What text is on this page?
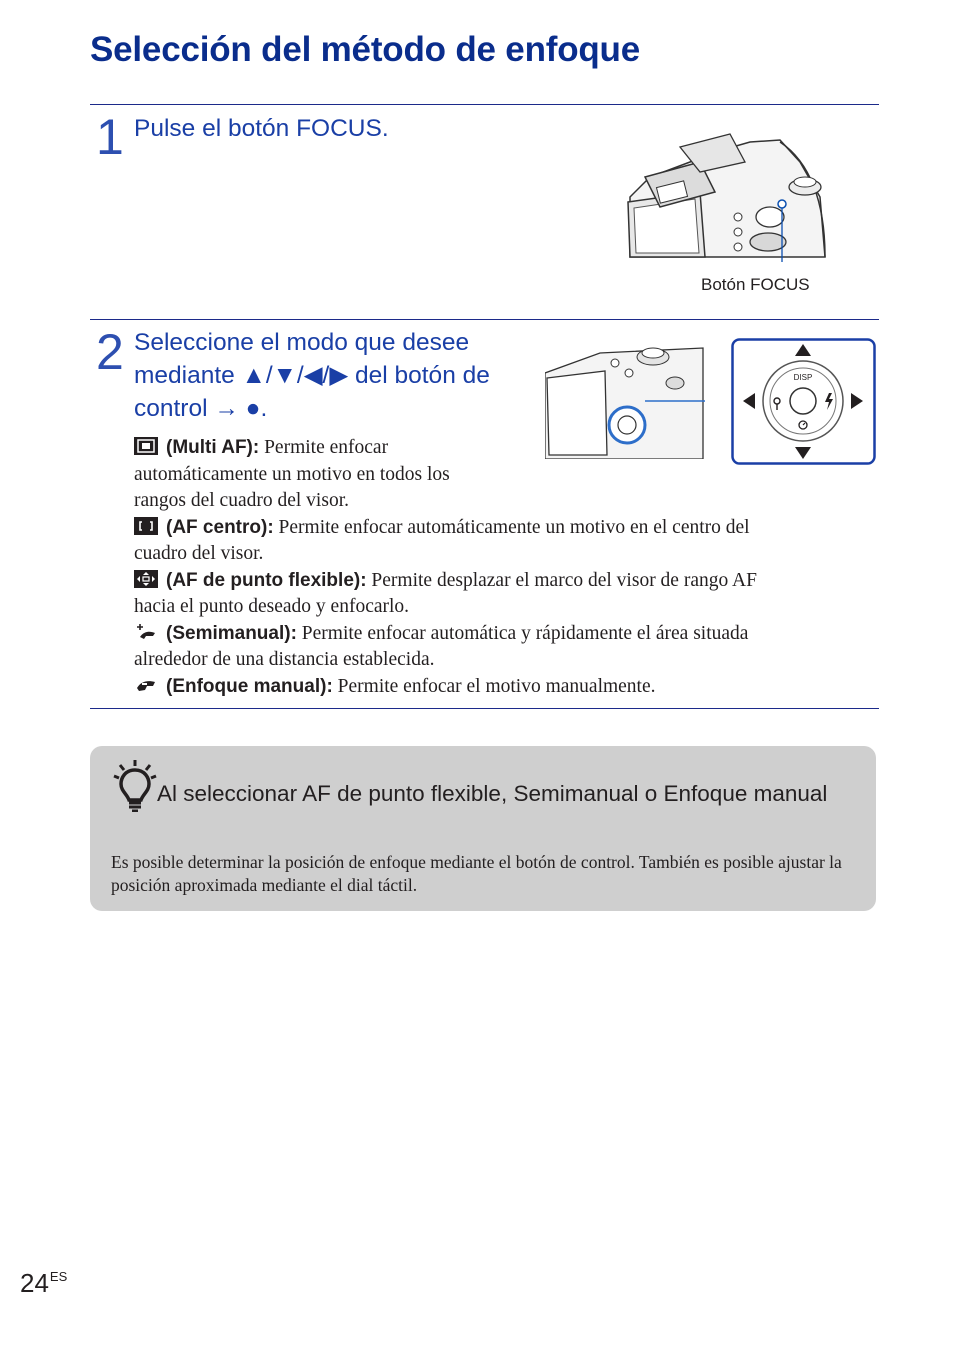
Selección del método de enfoque
1 Pulse el botón FOCUS.
Botón FOCUS
2 Seleccione el modo que desee
mediante ▲/▼/◀/▶ del botón de
control → ●.
DISP
(Multi AF): Permite enfocar
automáticamente un motivo en todos los
rangos del cuadro del visor.
(AF centro): Permite enfocar automáticamente un motivo en el centro del
cuadro del visor.
(AF de punto flexible): Permite desplazar el marco del visor de rango AF
hacia el punto deseado y enfocarlo.
(Semimanual): Permite enfocar automática y rápidamente el área situada
alrededor de una distancia establecida.
(Enfoque manual): Permite enfocar el motivo manualmente.
Al seleccionar AF de punto flexible, Semimanual o Enfoque manual
Es posible determinar la posición de enfoque mediante el botón de control. También es posible ajustar la posición aproximada mediante el dial táctil.
$24^{ES}$
